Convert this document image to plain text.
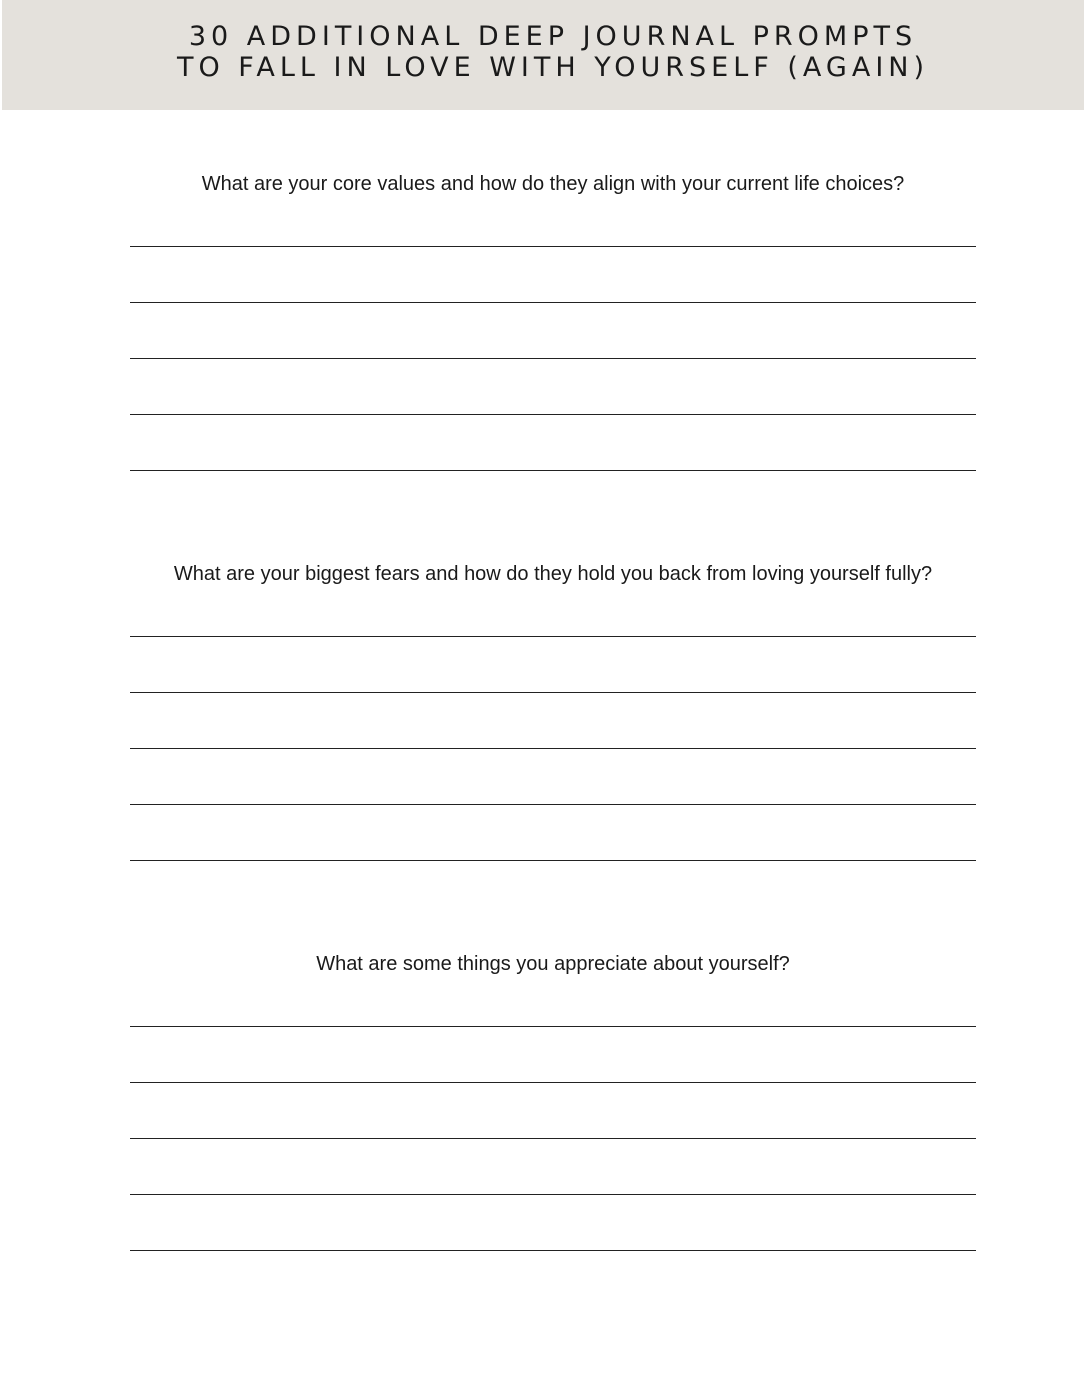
30 ADDITIONAL DEEP JOURNAL PROMPTS
TO FALL IN LOVE WITH YOURSELF (AGAIN)
What are your core values and how do they align with your current life choices?
What are your biggest fears and how do they hold you back from loving yourself fully?
What are some things you appreciate about yourself?
